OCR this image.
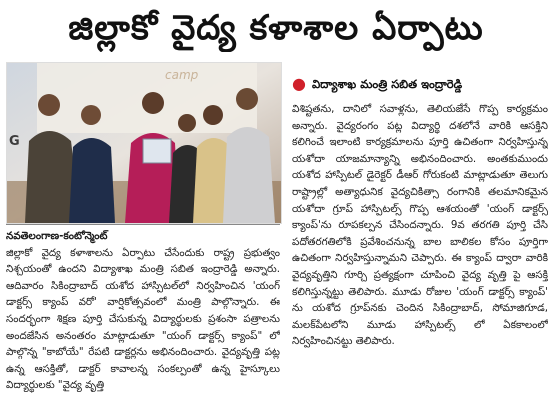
జిల్లాకో వైద్య కళాశాల ఏర్పాటు
camp
G
● విద్యాశాఖ మంత్రి సబిత ఇంద్రారెడ్డి
విశిష్టతను, దానిలో సవాళ్లను, తెలియజేసే గొప్ప కార్యక్రమం అన్నారు. వైద్యరంగం పట్ల విద్యార్థి దశలోనే వారికి ఆసక్తిని కలిగించే ఇలాంటి కార్యక్రమాలను పూర్తి ఉచితంగా నిర్వహిస్తున్న యశోదా యాజమాన్యాన్ని అభినందించారు. అంతకుముందు యశోద హాస్పిటల్ డైరెక్టర్ డీఆర్ గోరుకంటి మాట్లాడుతూ తెలుగు రాష్ట్రాల్లో అత్యాధునిక వైద్యచికిత్సా రంగానికి తలమానికమైన యశోదా గ్రూప్ హాస్పిటల్స్ గొప్ప ఆశయంతో 'యంగ్ డాక్టర్స్ క్యాంప్'ను రూపకల్పన చేసిందన్నారు. 9వ తరగతి పూర్తి చేసి పదోతరగతిలోకి ప్రవేశించనున్న బాల బాలికల కోసం పూర్తిగా ఉచితంగా నిర్వహిస్తున్నామని చెప్పారు. ఈ క్యాంప్ ద్వారా వారికి వైద్యవృత్తిని గూర్చి ప్రత్యక్షంగా చూపించి వైద్య వృత్తి పై ఆసక్తి కలిగిస్తున్నట్టు తెలిపారు. మూడు రోజుల 'యంగ్ డాక్టర్స్ క్యాంప్' ను యశోద గ్రూప్‌నకు చెందిన సికింద్రాబాద్, సోమాజిగూడ, మలక్‌పేటలోని మూడు హాస్పిటల్స్ లో ఏకకాలంలో నిర్వహించినట్టు తెలిపారు.
నవతెలంగాణ-కంటోన్మెంట్
జిల్లాకో వైద్య కళాశాలను ఏర్పాటు చేసేందుకు రాష్ట్ర ప్రభుత్వం నిశ్చయంతో ఉందని విద్యాశాఖ మంత్రి సబిత ఇంద్రారెడ్డి అన్నారు. ఆదివారం సికింద్రాబాద్ యశోద హాస్పిటల్‌లో నిర్వహించిన 'యంగ్ డాక్టర్స్ క్యాంప్ వరో' వార్షికోత్సవంలో మంత్రి పాల్గొన్నారు. ఈ సందర్భంగా శిక్షణ పూర్తి చేసుకున్న విద్యార్థులకు ప్రశంసా పత్రాలను అందజేసిన అనంతరం మాట్లాడుతూ "యంగ్ డాక్టర్స్ క్యాంప్" లో పాల్గొన్న "కాబోయే" రేపటి డాక్టర్లను అభినందించారు. వైద్యవృత్తి పట్ల ఉన్న ఆసక్తితో, డాక్టర్ కావాలన్న సంకల్పంతో ఉన్న హైస్కూలు విద్యార్థులకు "వైద్య వృత్తి
